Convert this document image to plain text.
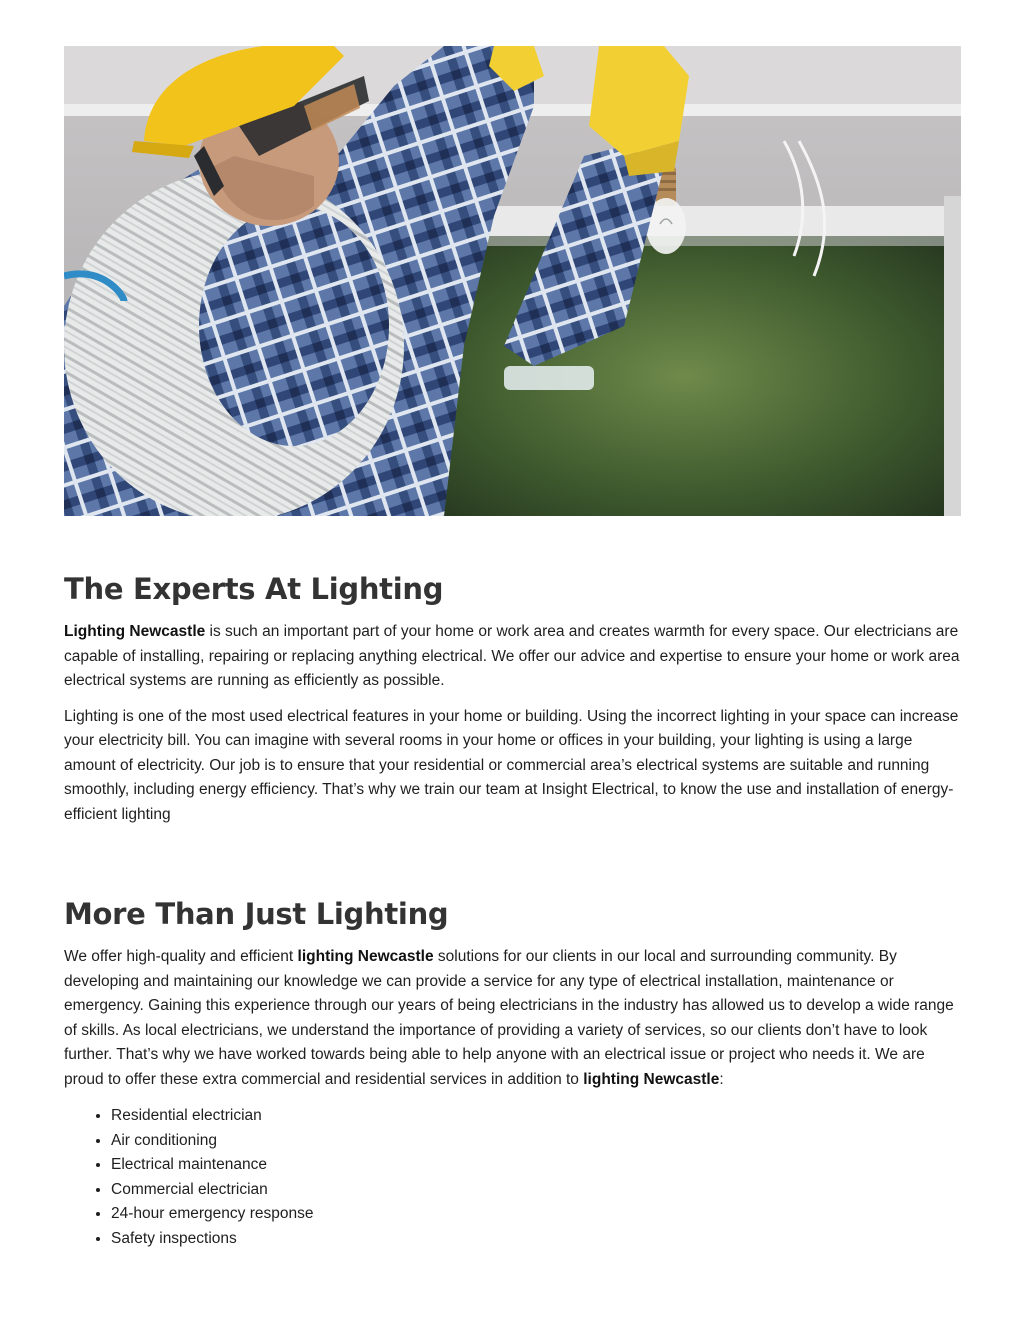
The Experts At Lighting

Lighting Newcastle is such an important part of your home or work area and creates warmth for every space. Our electricians are capable of installing, repairing or replacing anything electrical. We offer our advice and expertise to ensure your home or work area electrical systems are running as efficiently as possible.

Lighting is one of the most used electrical features in your home or building. Using the incorrect lighting in your space can increase your electricity bill. You can imagine with several rooms in your home or offices in your building, your lighting is using a large amount of electricity. Our job is to ensure that your residential or commercial area’s electrical systems are suitable and running smoothly, including energy efficiency. That’s why we train our team at Insight Electrical, to know the use and installation of energy-efficient lighting

More Than Just Lighting

We offer high-quality and efficient lighting Newcastle solutions for our clients in our local and surrounding community. By developing and maintaining our knowledge we can provide a service for any type of electrical installation, maintenance or emergency. Gaining this experience through our years of being electricians in the industry has allowed us to develop a wide range of skills. As local electricians, we understand the importance of providing a variety of services, so our clients don’t have to look further. That’s why we have worked towards being able to help anyone with an electrical issue or project who needs it. We are proud to offer these extra commercial and residential services in addition to lighting Newcastle:

• Residential electrician
• Air conditioning
• Electrical maintenance
• Commercial electrician
• 24-hour emergency response
• Safety inspections
